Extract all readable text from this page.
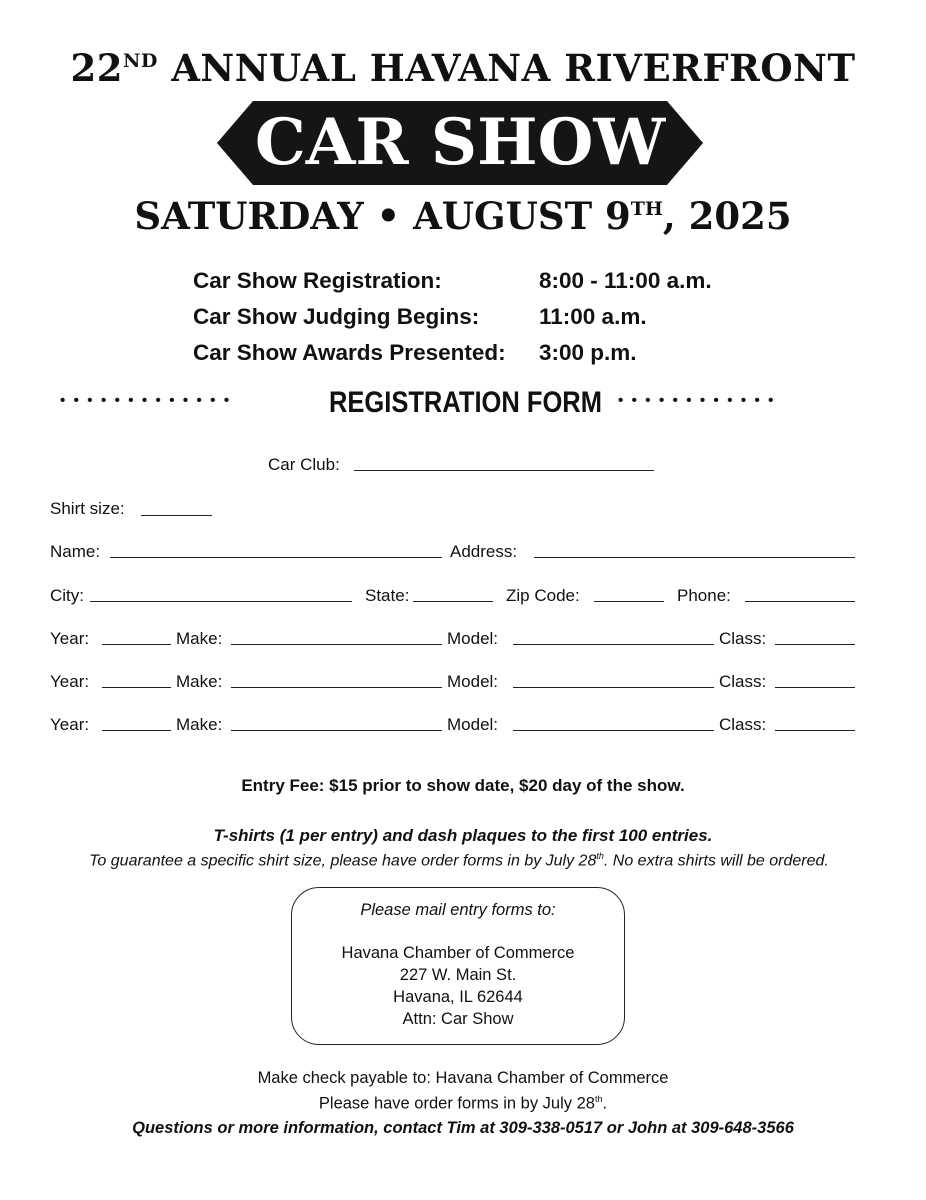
22ND ANNUAL HAVANA RIVERFRONT
CAR SHOW
SATURDAY • AUGUST 9TH, 2025
Car Show Registration:	8:00 - 11:00 a.m.
Car Show Judging Begins:	11:00 a.m.
Car Show Awards Presented: 3:00 p.m.
•••••••••••••	REGISTRATION FORM ••••••••••••
Car Club:
Shirt size:
Name:	Address:
City:	State:	Zip Code:	Phone:
Year:	Make:	Model:	Class:
Year:	Make:	Model:	Class:
Year:	Make:	Model:	Class:
Entry Fee: $15 prior to show date, $20 day of the show.
T-shirts (1 per entry) and dash plaques to the first 100 entries.
To guarantee a specific shirt size, please have order forms in by July 28th. No extra shirts will be ordered.
Please mail entry forms to:
Havana Chamber of Commerce
227 W. Main St.
Havana, IL 62644
Attn: Car Show
Make check payable to: Havana Chamber of Commerce
Please have order forms in by July 28th.
Questions or more information, contact Tim at 309-338-0517 or John at 309-648-3566
